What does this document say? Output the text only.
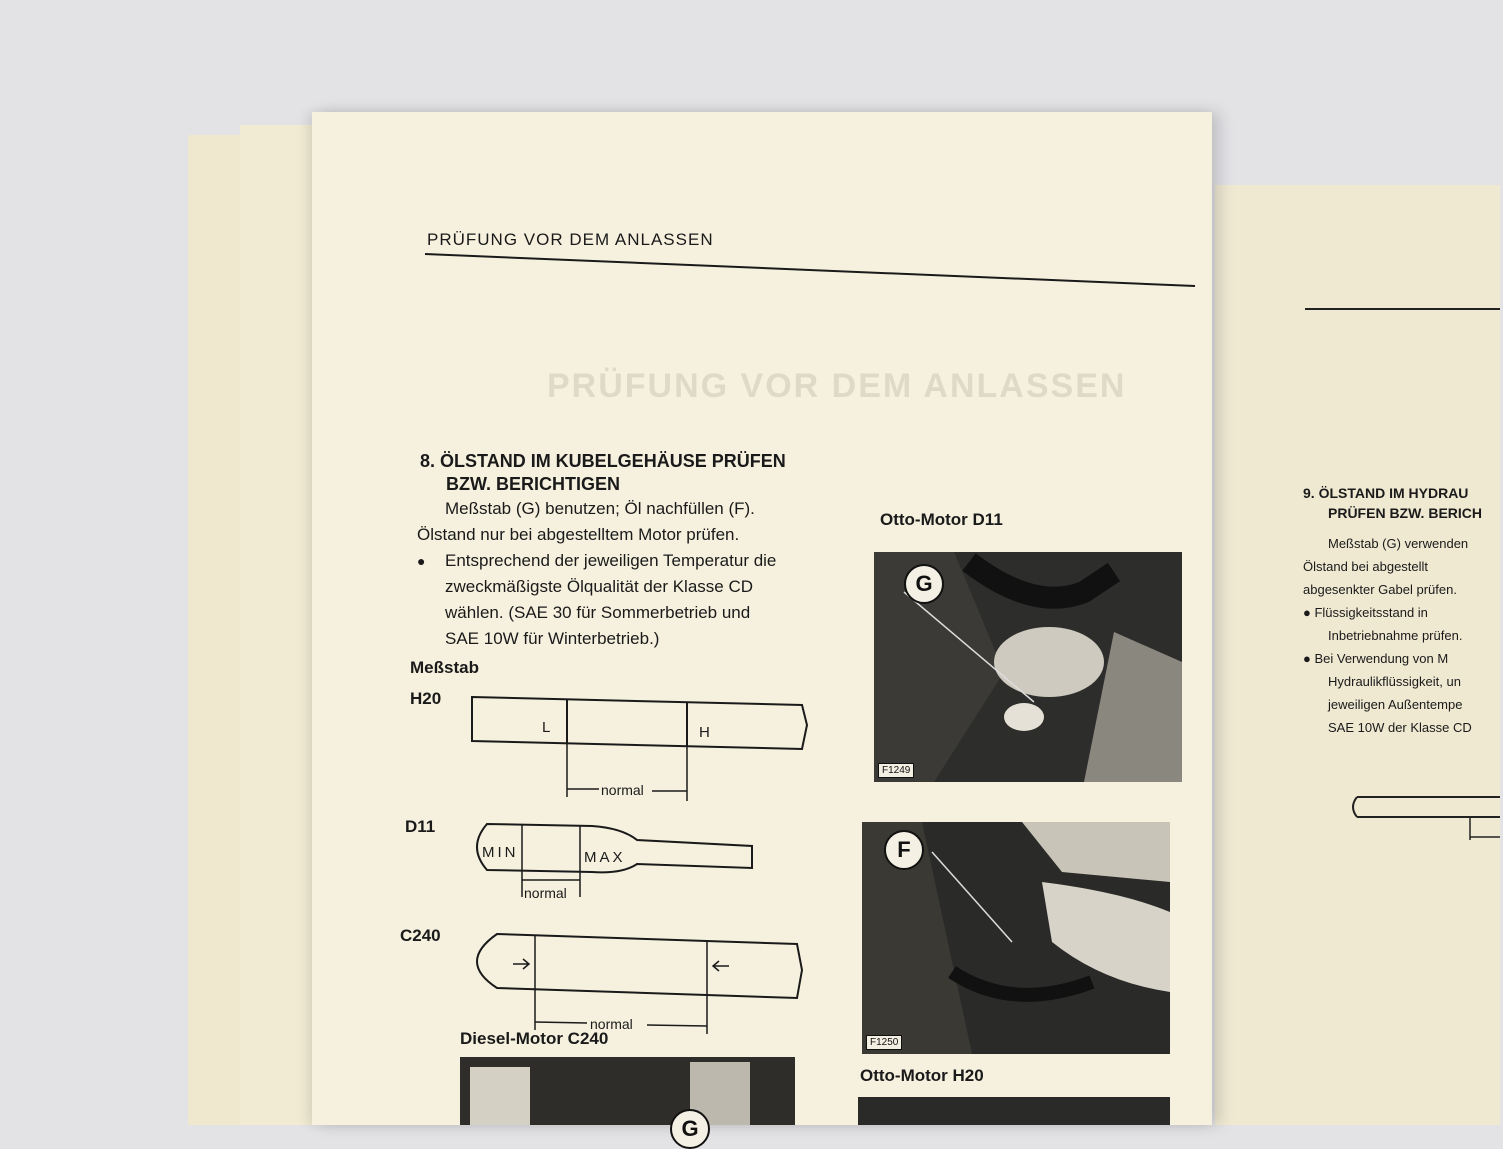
9. ÖLSTAND IM HYDRAU
PRÜFEN BZW. BERICH
Meßstab (G) verwenden
Ölstand bei abgestellt
abgesenkter Gabel prüfen.
● Flüssigkeitsstand in
Inbetriebnahme prüfen.
● Bei Verwendung von M
Hydraulikflüssigkeit, un
jeweiligen Außentempe
SAE 10W der Klasse CD
PRÜFUNG VOR DEM ANLASSEN
PRÜFUNG VOR DEM ANLASSEN
8. ÖLSTAND IM KUBELGEHÄUSE PRÜFEN
BZW. BERICHTIGEN
Meßstab (G) benutzen; Öl nachfüllen (F).
Ölstand nur bei abgestelltem Motor prüfen.
● Entsprechend der jeweiligen Temperatur die
zweckmäßigste Ölqualität der Klasse CD
wählen. (SAE 30 für Sommerbetrieb und
SAE 10W für Winterbetrieb.)
Meßstab
H20
L	H
normal
D11
MIN	MAX
normal
C240
normal
Diesel-Motor C240
Otto-Motor D11
G
F1249
F
F1250
Otto-Motor H20
G
